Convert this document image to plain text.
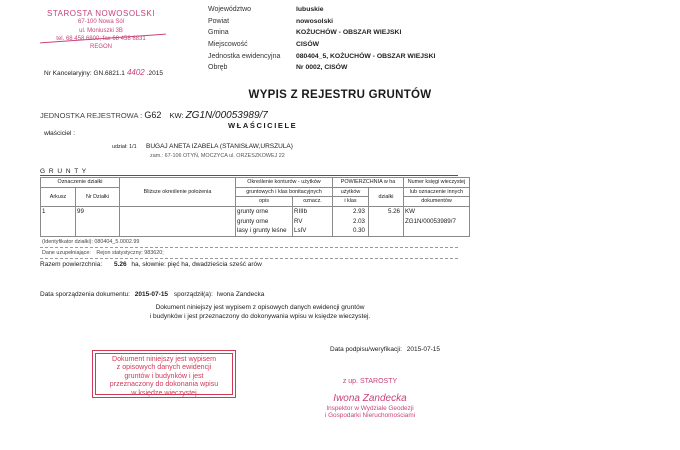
STAROSTA NOWOSOLSKI
67-100 Nowa Sól
ul. Moniuszki 3B
tel. 68 458 6800; fax 68 458 6831
REGON
Nr Kancelaryjny: GN.6821.1 4402 .2015
Województwo	lubuskie
Powiat	nowosolski
Gmina	KOŻUCHÓW - OBSZAR WIEJSKI
Miejscowość	CISÓW
Jednostka ewidencyjna	080404_5, KOŻUCHÓW - OBSZAR WIEJSKI
Obręb	Nr 0002, CISÓW
WYPIS Z REJESTRU GRUNTÓW
JEDNOSTKA REJESTROWA : G62 KW: ZG1N/00053989/7
WŁAŚCICIELE
właściciel :
udział: 1/1 BUGAJ ANETA IZABELA (STANISŁAW,URSZULA)
zam.: 67-106 OTYŃ, MOCZYCA ul. ORZESZKOWEJ 22
G R U N T Y
Oznaczenie działki		Bliższe określenie położenia	Określenie konturów - użytków		POWIERZCHNIA w ha		Numer księgi wieczystej
Arkusz	Nr Działki		gruntowych i klas bonitacyjnych		użytków	działki	lub oznaczenie innych
			opis	oznacz.	i klas		dokumentów
1	99		grunty orne	RIIIb	2.93	5.26	KW
			grunty orne	RV	2.03		ZG1N/00053989/7
			lasy i grunty leśne	LsIV	0.30		
(Identyfikator działki): 080404_5.0002.99
Dane uzupełniające: Rejon statystyczny: 983620;
Razem powierzchnia: 5.26 ha, słownie: pięć ha, dwadzieścia sześć arów
Data sporządzenia dokumentu: 2015-07-15 sporządził(a): Iwona Zandecka
Dokument niniejszy jest wypisem z opisowych danych ewidencji gruntów
i budynków i jest przeznaczony do dokonywania wpisu w księdze wieczystej.
Data podpisu/weryfikacji: 2015-07-15
Dokument niniejszy jest wypisem
z opisowych danych ewidencji
gruntów i budynków i jest
przeznaczony do dokonania wpisu
w księdze wieczystej
z up. STAROSTY
Iwona Zandecka
Inspektor w Wydziale Geodezji
i Gospodarki Nieruchomościami
